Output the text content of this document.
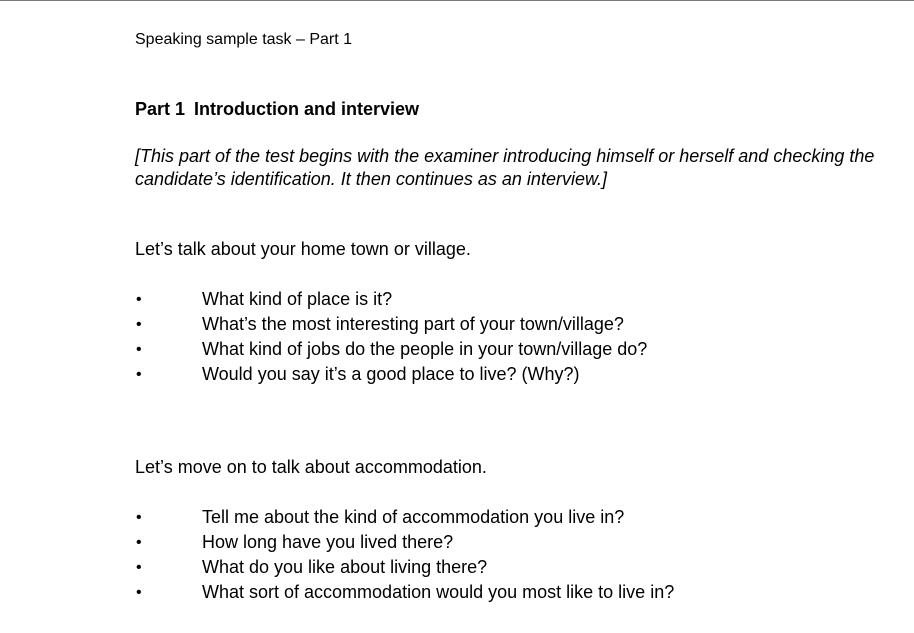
Speaking sample task – Part 1
Part 1 Introduction and interview
[This part of the test begins with the examiner introducing himself or herself and checking the candidate’s identification. It then continues as an interview.]
Let’s talk about your home town or village.
•	What kind of place is it?
•	What’s the most interesting part of your town/village?
•	What kind of jobs do the people in your town/village do?
•	Would you say it’s a good place to live? (Why?)
Let’s move on to talk about accommodation.
•	Tell me about the kind of accommodation you live in?
•	How long have you lived there?
•	What do you like about living there?
•	What sort of accommodation would you most like to live in?
